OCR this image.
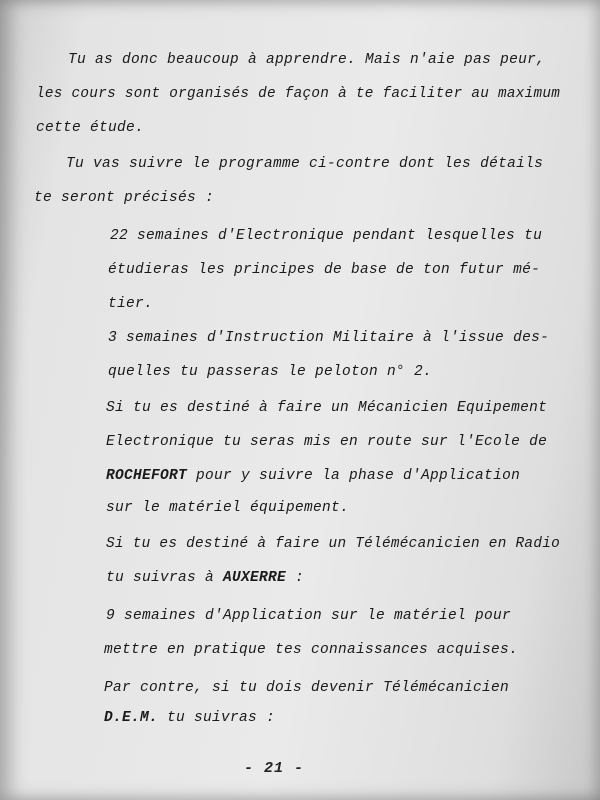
Tu as donc beaucoup à apprendre. Mais n'aie pas peur,
les cours sont organisés de façon à te faciliter au maximum
cette étude.
Tu vas suivre le programme ci-contre dont les détails
te seront précisés :
22 semaines d'Electronique pendant lesquelles tu
étudieras les principes de base de ton futur mé-
tier.
3 semaines d'Instruction Militaire à l'issue des-
quelles tu passeras le peloton n° 2.
Si tu es destiné à faire un Mécanicien Equipement
Electronique tu seras mis en route sur l'Ecole de
ROCHEFORT pour y suivre la phase d'Application
sur le matériel équipement.
Si tu es destiné à faire un Télémécanicien en Radio
tu suivras à AUXERRE :
9 semaines d'Application sur le matériel pour
mettre en pratique tes connaissances acquises.
Par contre, si tu dois devenir Télémécanicien
D.E.M. tu suivras :
- 21 -
